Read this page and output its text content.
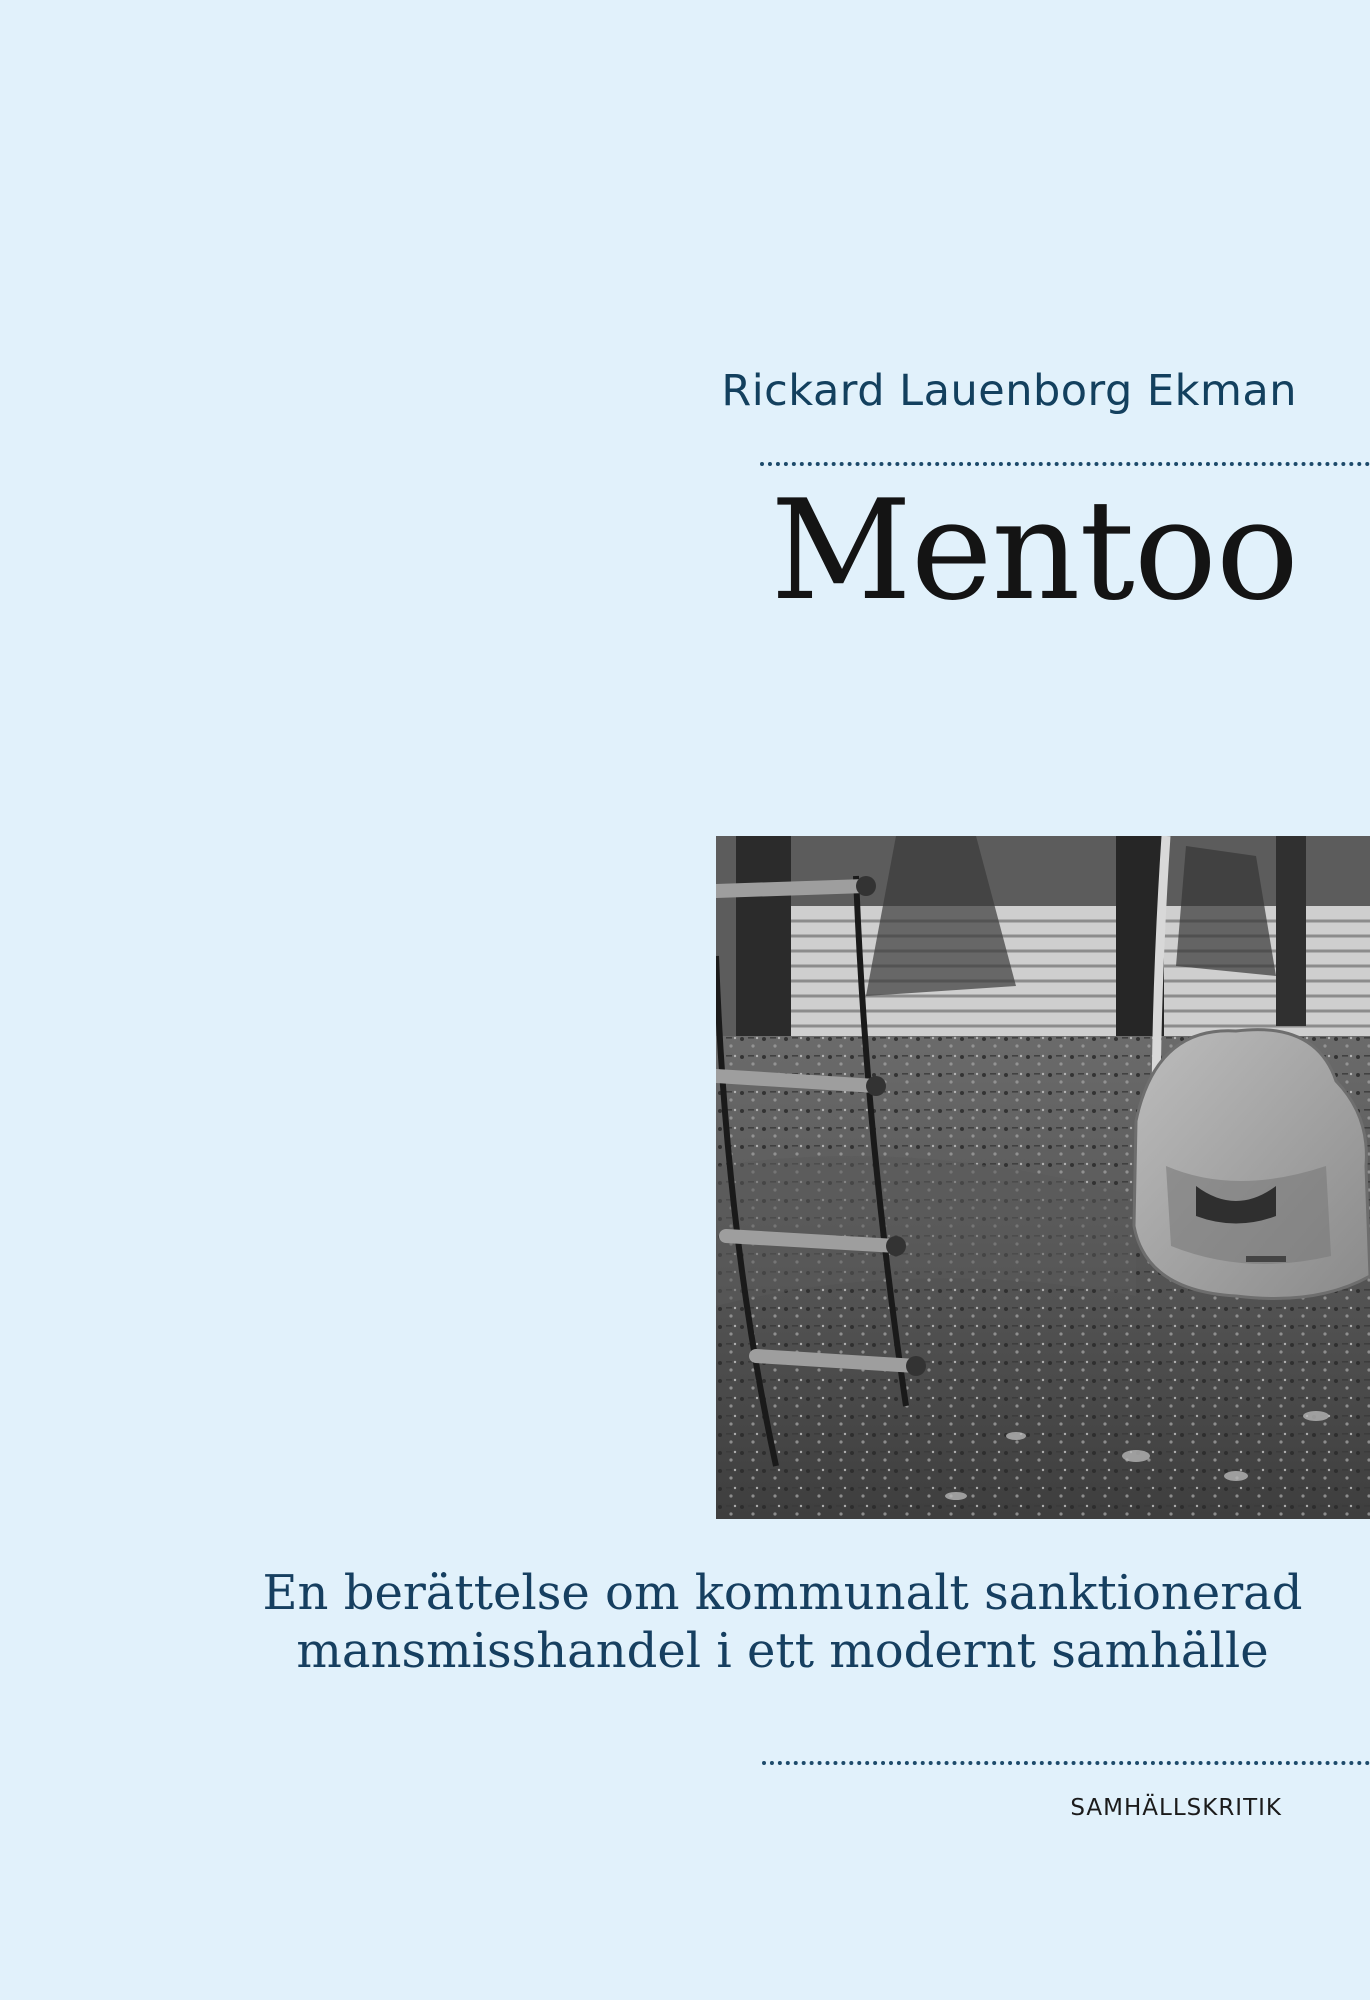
Rickard Lauenborg Ekman
Mentoo
En berättelse om kommunalt sanktionerad
mansmisshandel i ett modernt samhälle
SAMHÄLLSKRITIK
